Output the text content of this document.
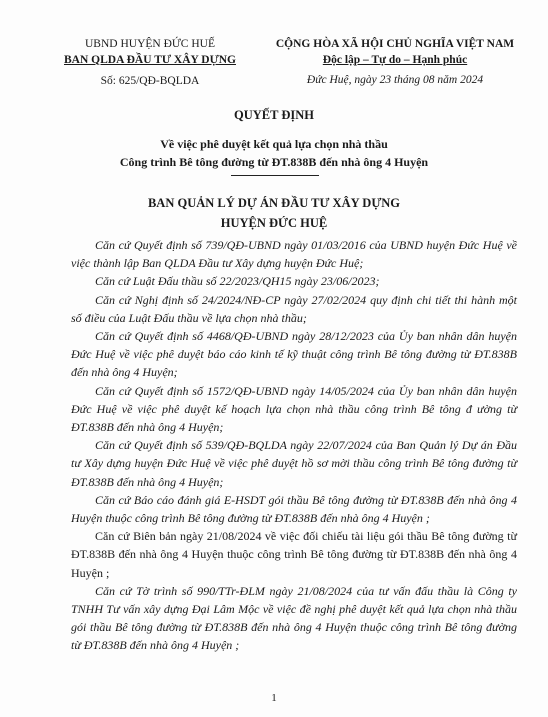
UBND HUYỆN ĐỨC HUẾ
BAN QLDA ĐẦU TƯ XÂY DỰNG
Số: 625/QĐ-BQLDA
CỘNG HÒA XÃ HỘI CHỦ NGHĨA VIỆT NAM
Độc lập – Tự do – Hạnh phúc
Đức Huệ, ngày 23 tháng 08 năm 2024
QUYẾT ĐỊNH
Về việc phê duyệt kết quả lựa chọn nhà thầu
Công trình Bê tông đường từ ĐT.838B đến nhà ông 4 Huyện
BAN QUẢN LÝ DỰ ÁN ĐẦU TƯ XÂY DỰNG
HUYỆN ĐỨC HUỆ

Căn cứ Quyết định số 739/QĐ-UBND ngày 01/03/2016 của UBND huyện Đức Huệ về việc thành lập Ban QLDA Đầu tư Xây dựng huyện Đức Huệ;

Căn cứ Luật Đấu thầu số 22/2023/QH15 ngày 23/06/2023;

Căn cứ Nghị định số 24/2024/NĐ-CP ngày 27/02/2024 quy định chi tiết thi hành một số điều của Luật Đấu thầu về lựa chọn nhà thầu;

Căn cứ Quyết định số 4468/QĐ-UBND ngày 28/12/2023 của Ủy ban nhân dân huyện Đức Huệ về việc phê duyệt báo cáo kinh tế kỹ thuật công trình Bê tông đường từ ĐT.838B đến nhà ông 4 Huyện;

Căn cứ Quyết định số 1572/QĐ-UBND ngày 14/05/2024 của Ủy ban nhân dân huyện Đức Huệ về việc phê duyệt kế hoạch lựa chọn nhà thầu công trình Bê tông đ ường từ ĐT.838B đến nhà ông 4 Huyện;

Căn cứ Quyết định số 539/QĐ-BQLDA ngày 22/07/2024 của Ban Quản lý Dự án Đầu tư Xây dựng huyện Đức Huệ về việc phê duyệt hồ sơ mời thầu công trình Bê tông đường từ ĐT.838B đến nhà ông 4 Huyện;

Căn cứ Báo cáo đánh giá E-HSDT gói thầu Bê tông đường từ ĐT.838B đến nhà ông 4 Huyện thuộc công trình Bê tông đường từ ĐT.838B đến nhà ông 4 Huyện ;

Căn cứ Biên bản ngày 21/08/2024 về việc đối chiếu tài liệu gói thầu Bê tông đường từ ĐT.838B đến nhà ông 4 Huyện thuộc công trình Bê tông đường từ ĐT.838B đến nhà ông 4 Huyện ;

Căn cứ Tờ trình số 990/TTr-ĐLM ngày 21/08/2024 của tư vấn đấu thầu là Công ty TNHH Tư vấn xây dựng Đại Lâm Mộc về việc đề nghị phê duyệt kết quả lựa chọn nhà thầu gói thầu Bê tông đường từ ĐT.838B đến nhà ông 4 Huyện thuộc công trình Bê tông đường từ ĐT.838B đến nhà ông 4 Huyện ;

1
